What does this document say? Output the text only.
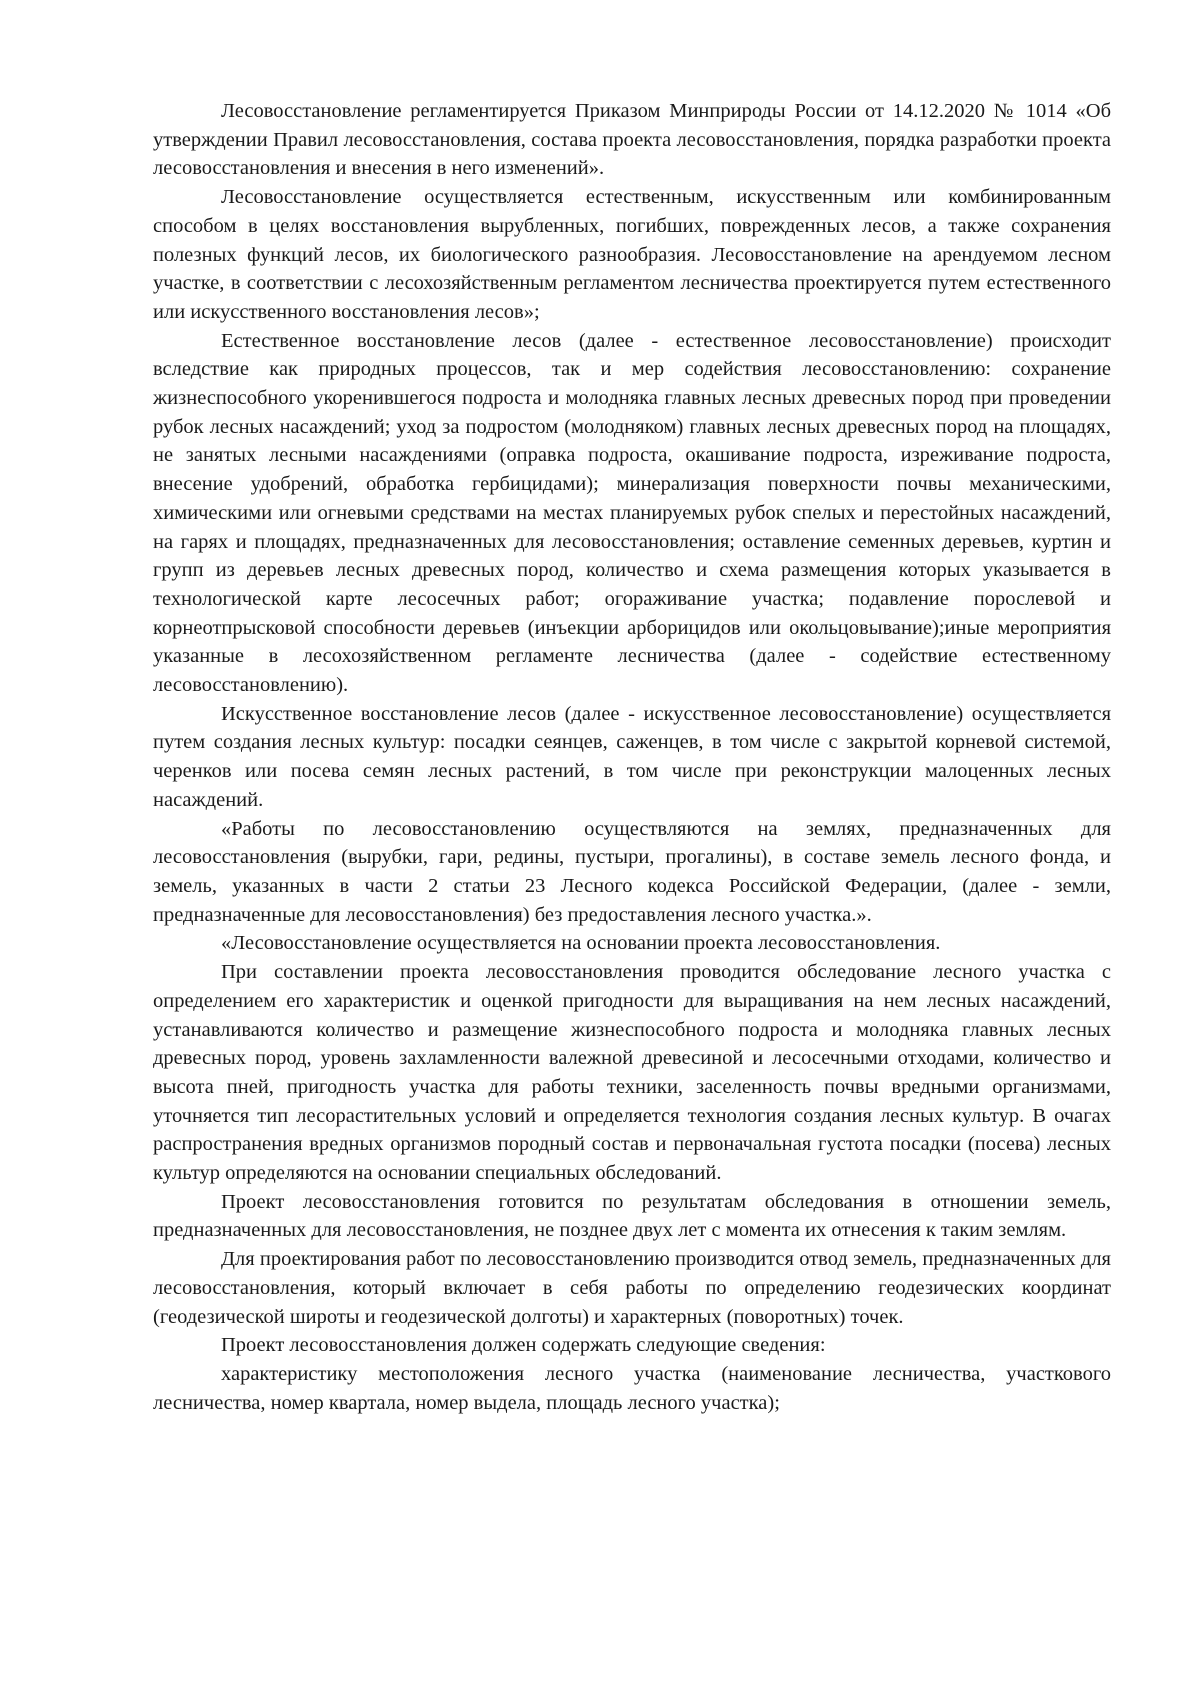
Лесовосстановление регламентируется Приказом Минприроды России от 14.12.2020 № 1014 «Об утверждении Правил лесовосстановления, состава проекта лесовосстановления, порядка разработки проекта лесовосстановления и внесения в него изменений».

Лесовосстановление осуществляется естественным, искусственным или комбинированным способом в целях восстановления вырубленных, погибших, поврежденных лесов, а также сохранения полезных функций лесов, их биологического разнообразия. Лесовосстановление на арендуемом лесном участке, в соответствии с лесохозяйственным регламентом лесничества проектируется путем естественного или искусственного восстановления лесов»;

Естественное восстановление лесов (далее - естественное лесовосстановление) происходит вследствие как природных процессов, так и мер содействия лесовосстановлению: сохранение жизнеспособного укоренившегося подроста и молодняка главных лесных древесных пород при проведении рубок лесных насаждений; уход за подростом (молодняком) главных лесных древесных пород на площадях, не занятых лесными насаждениями (оправка подроста, окашивание подроста, изреживание подроста, внесение удобрений, обработка гербицидами); минерализация поверхности почвы механическими, химическими или огневыми средствами на местах планируемых рубок спелых и перестойных насаждений, на гарях и площадях, предназначенных для лесовосстановления; оставление семенных деревьев, куртин и групп из деревьев лесных древесных пород, количество и схема размещения которых указывается в технологической карте лесосечных работ; огораживание участка; подавление порослевой и корнеотпрысковой способности деревьев (инъекции арборицидов или окольцовывание);иные мероприятия указанные в лесохозяйственном регламенте лесничества (далее - содействие естественному лесовосстановлению).

Искусственное восстановление лесов (далее - искусственное лесовосстановление) осуществляется путем создания лесных культур: посадки сеянцев, саженцев, в том числе с закрытой корневой системой, черенков или посева семян лесных растений, в том числе при реконструкции малоценных лесных насаждений.

«Работы по лесовосстановлению осуществляются на землях, предназначенных для лесовосстановления (вырубки, гари, редины, пустыри, прогалины), в составе земель лесного фонда, и земель, указанных в части 2 статьи 23 Лесного кодекса Российской Федерации, (далее - земли, предназначенные для лесовосстановления) без предоставления лесного участка.».

«Лесовосстановление осуществляется на основании проекта лесовосстановления.

При составлении проекта лесовосстановления проводится обследование лесного участка с определением его характеристик и оценкой пригодности для выращивания на нем лесных насаждений, устанавливаются количество и размещение жизнеспособного подроста и молодняка главных лесных древесных пород, уровень захламленности валежной древесиной и лесосечными отходами, количество и высота пней, пригодность участка для работы техники, заселенность почвы вредными организмами, уточняется тип лесорастительных условий и определяется технология создания лесных культур. В очагах распространения вредных организмов породный состав и первоначальная густота посадки (посева) лесных культур определяются на основании специальных обследований.

Проект лесовосстановления готовится по результатам обследования в отношении земель, предназначенных для лесовосстановления, не позднее двух лет с момента их отнесения к таким землям.

Для проектирования работ по лесовосстановлению производится отвод земель, предназначенных для лесовосстановления, который включает в себя работы по определению геодезических координат (геодезической широты и геодезической долготы) и характерных (поворотных) точек.

Проект лесовосстановления должен содержать следующие сведения:

характеристику местоположения лесного участка (наименование лесничества, участкового лесничества, номер квартала, номер выдела, площадь лесного участка);
